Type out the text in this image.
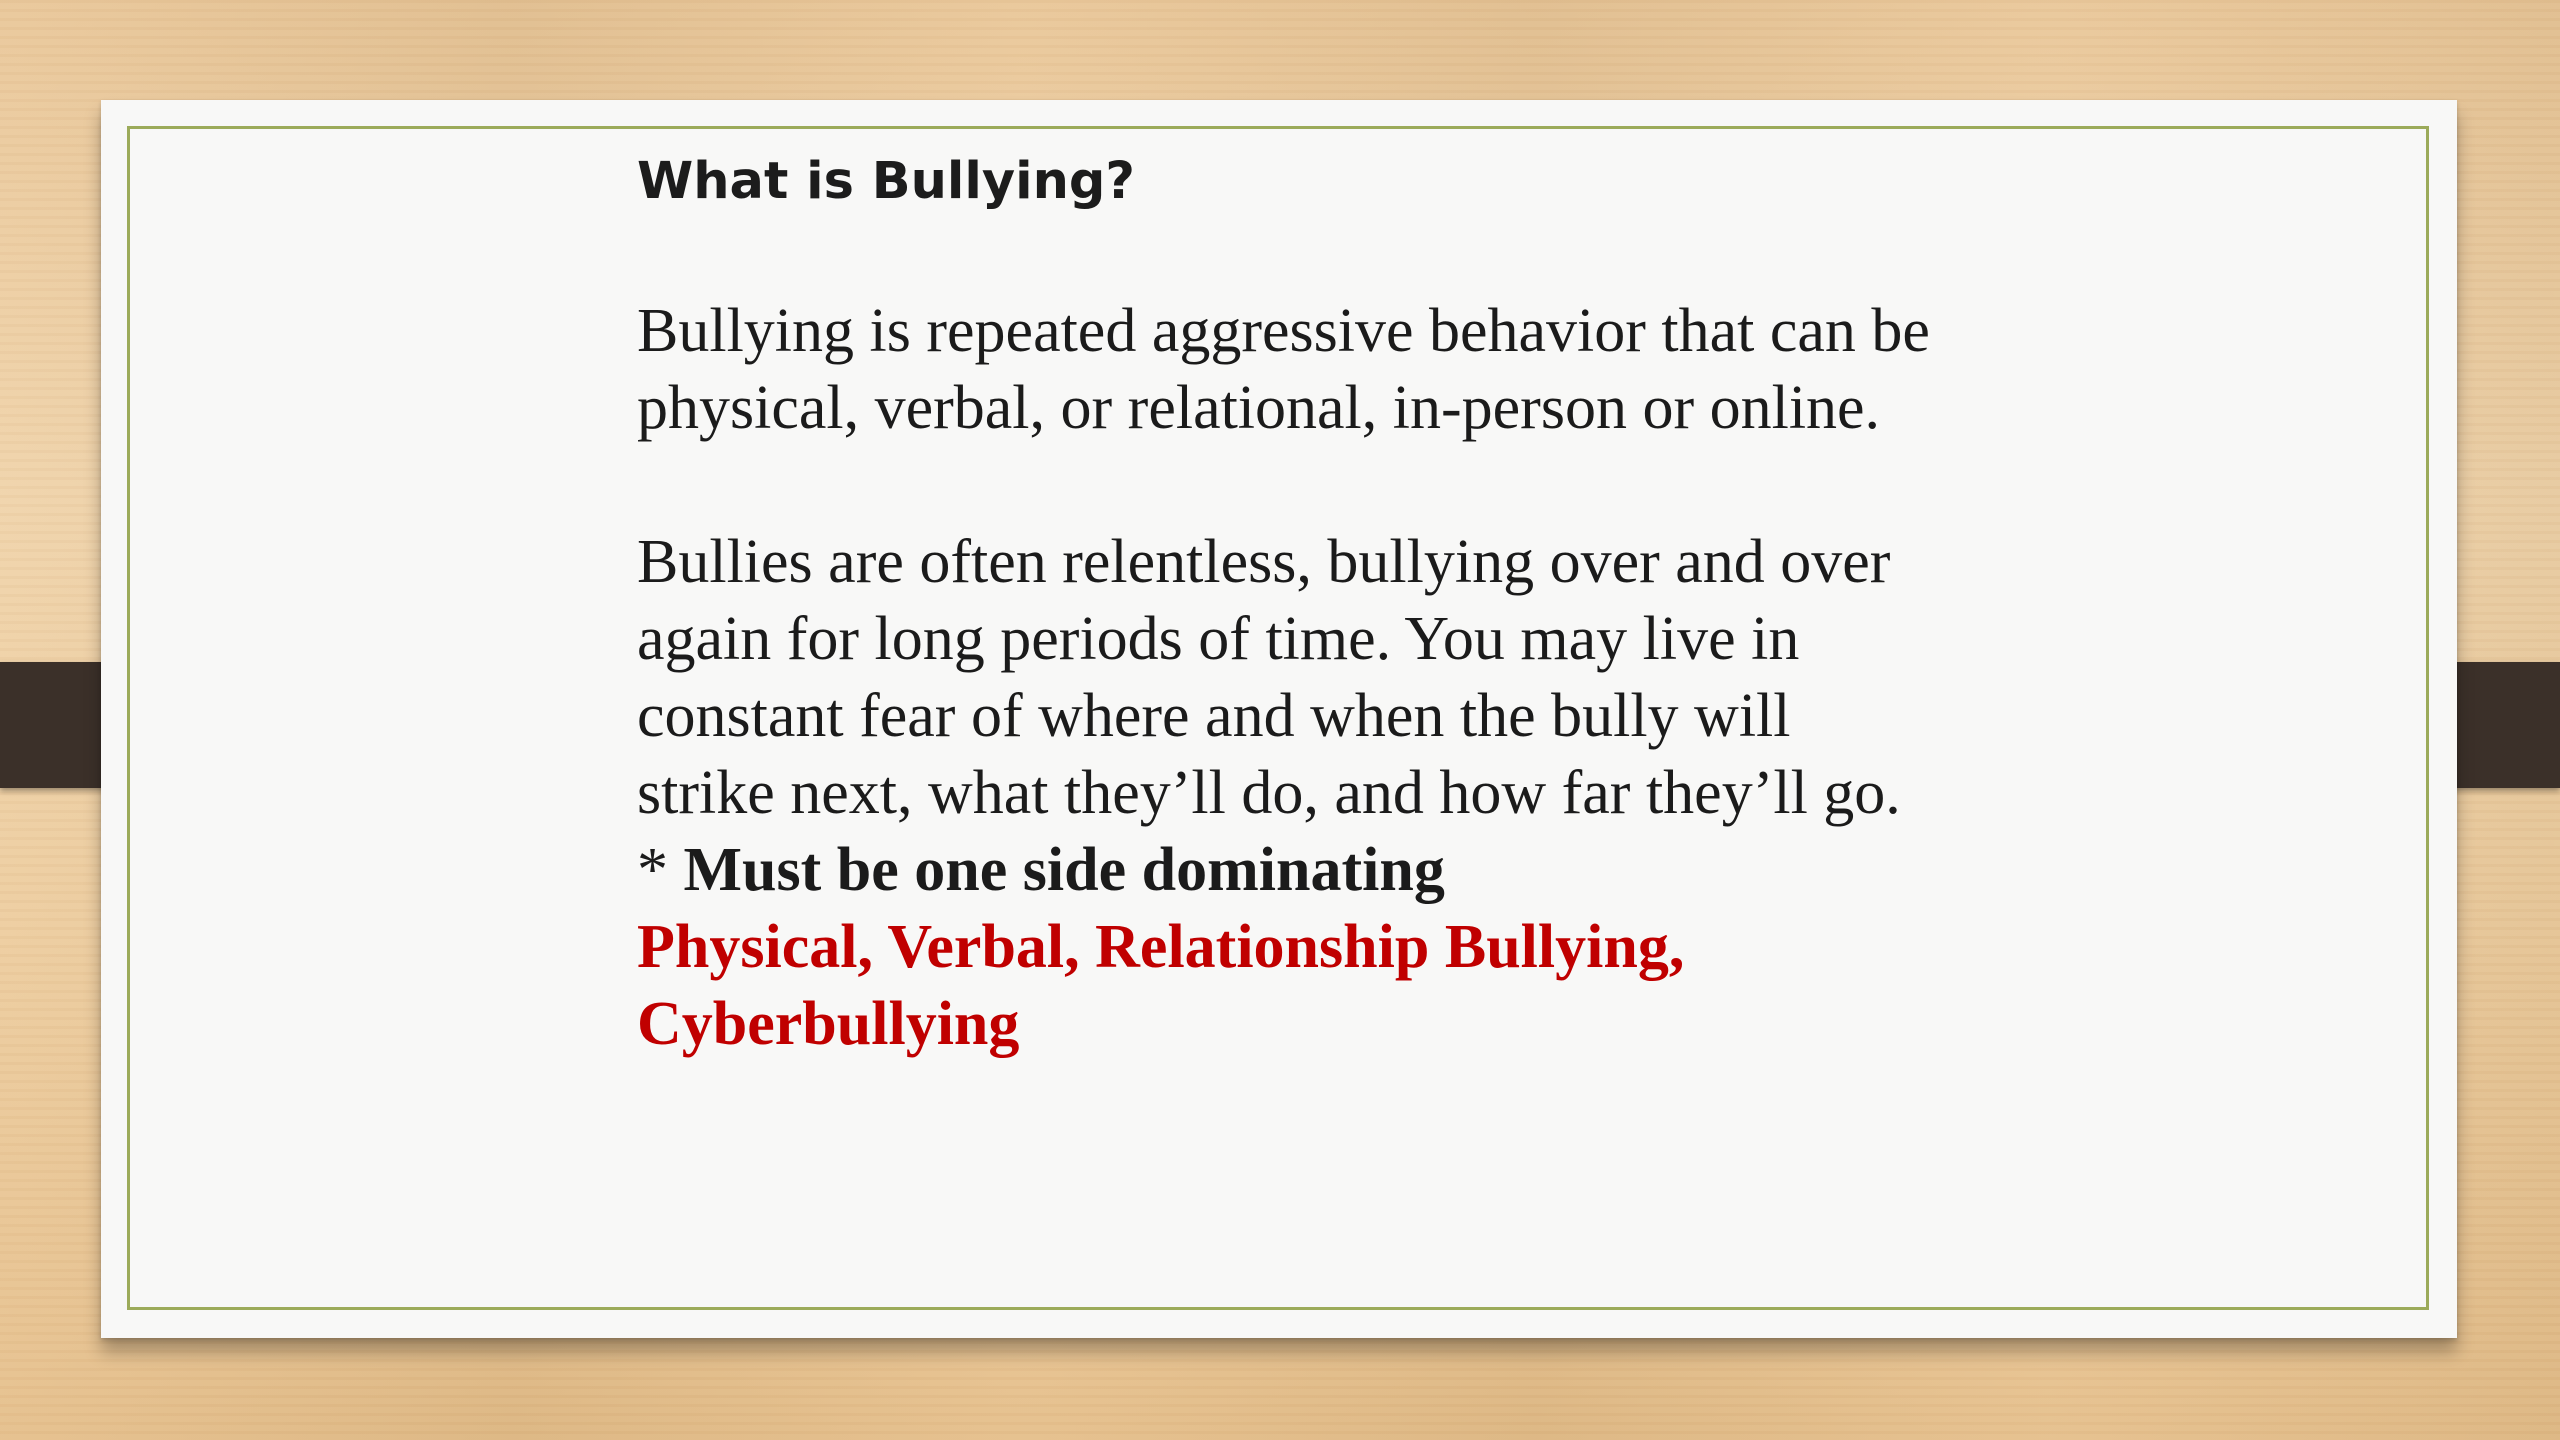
What is Bullying?

Bullying is repeated aggressive behavior that can be physical, verbal, or relational, in-person or online.

Bullies are often relentless, bullying over and over again for long periods of time. You may live in constant fear of where and when the bully will strike next, what they’ll do, and how far they’ll go.

* Must be one side dominating

Physical, Verbal, Relationship Bullying, Cyberbullying
